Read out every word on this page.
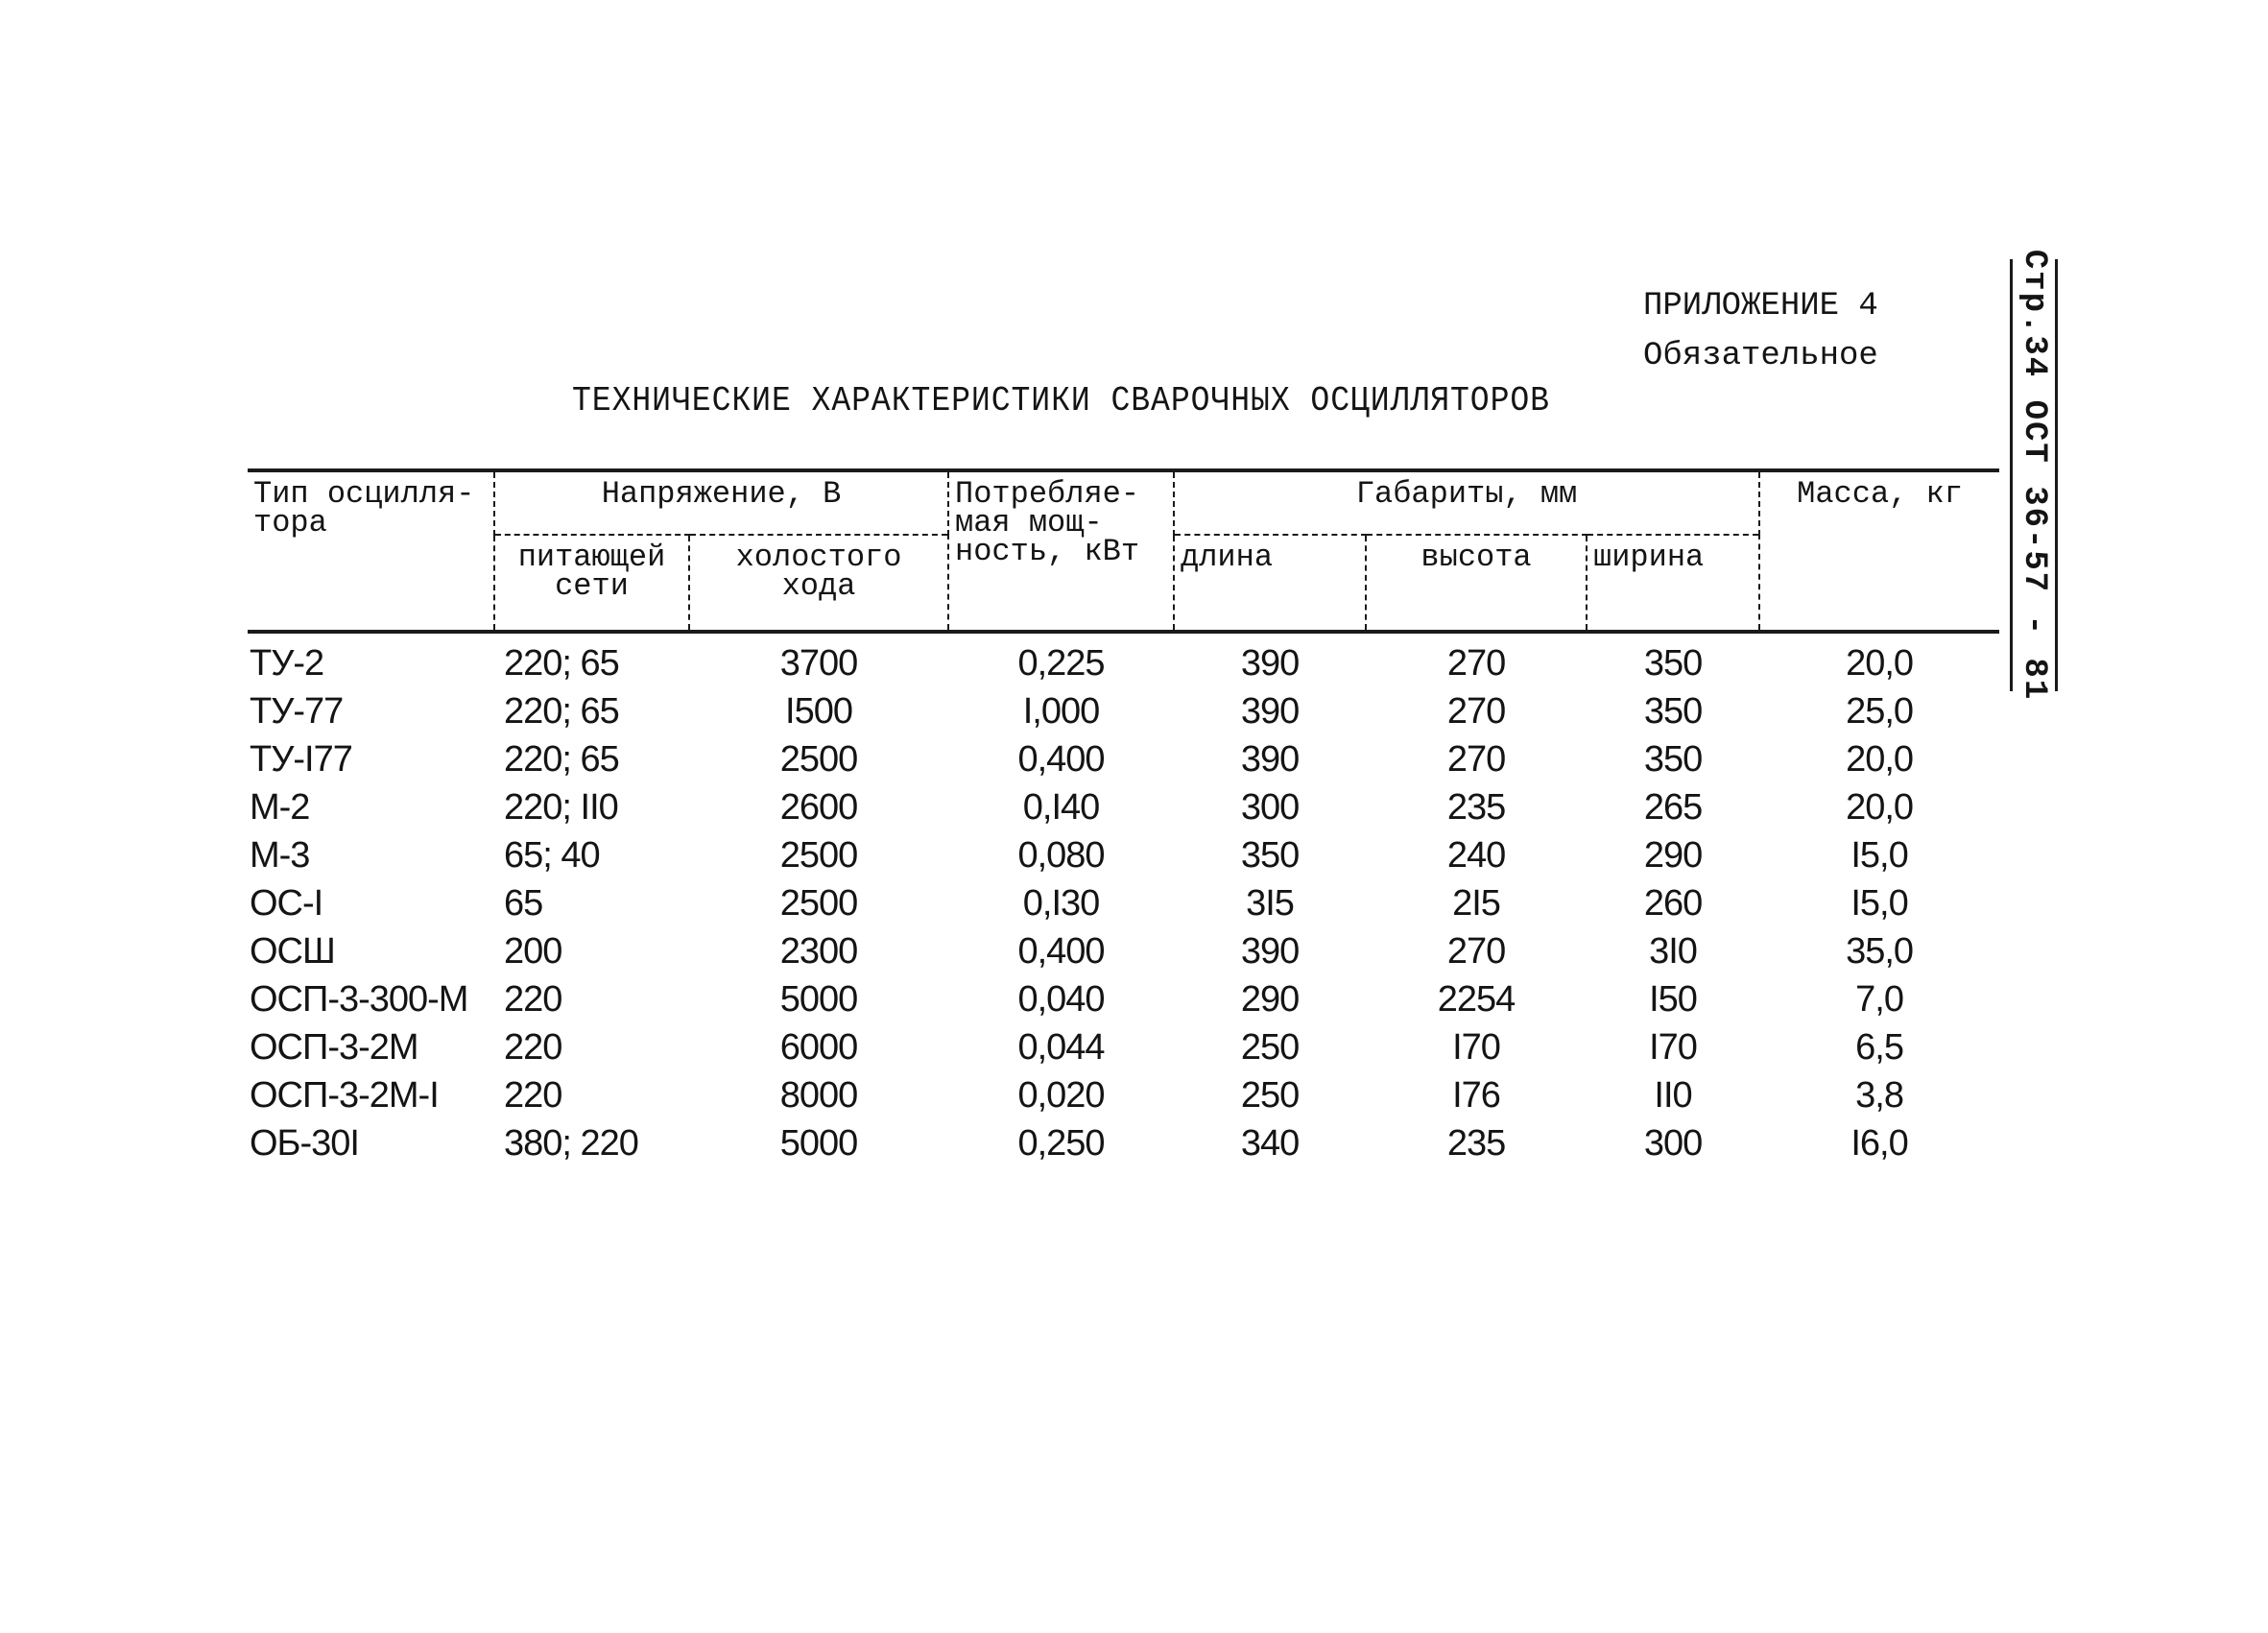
ПРИЛОЖЕНИЕ 4
Обязательное	Стр.34 ОСТ 36-57 - 81
ТЕХНИЧЕСКИЕ ХАРАКТЕРИСТИКИ СВАРОЧНЫХ ОСЦИЛЛЯТОРОВ
Тип осцилля-тора	Напряжение, В		Потребляе-мая мощ-ность, кВт	Габариты, мм			Масса, кг
	питающей сети	холостого хода		длина	высота	ширина	
ТУ-2	220; 65	3700	0,225	390	270	350	20,0
ТУ-77	220; 65	I500	I,000	390	270	350	25,0
ТУ-I77	220; 65	2500	0,400	390	270	350	20,0
М-2	220; II0	2600	0,I40	300	235	265	20,0
М-3	65; 40	2500	0,080	350	240	290	I5,0
ОС-I	65	2500	0,I30	3I5	2I5	260	I5,0
ОСШ	200	2300	0,400	390	270	3I0	35,0
ОСП-3-300-М	220	5000	0,040	290	2254	I50	7,0
ОСП-3-2М	220	6000	0,044	250	I70	I70	6,5
ОСП-3-2М-I	220	8000	0,020	250	I76	II0	3,8
ОБ-30I	380; 220	5000	0,250	340	235	300	I6,0
